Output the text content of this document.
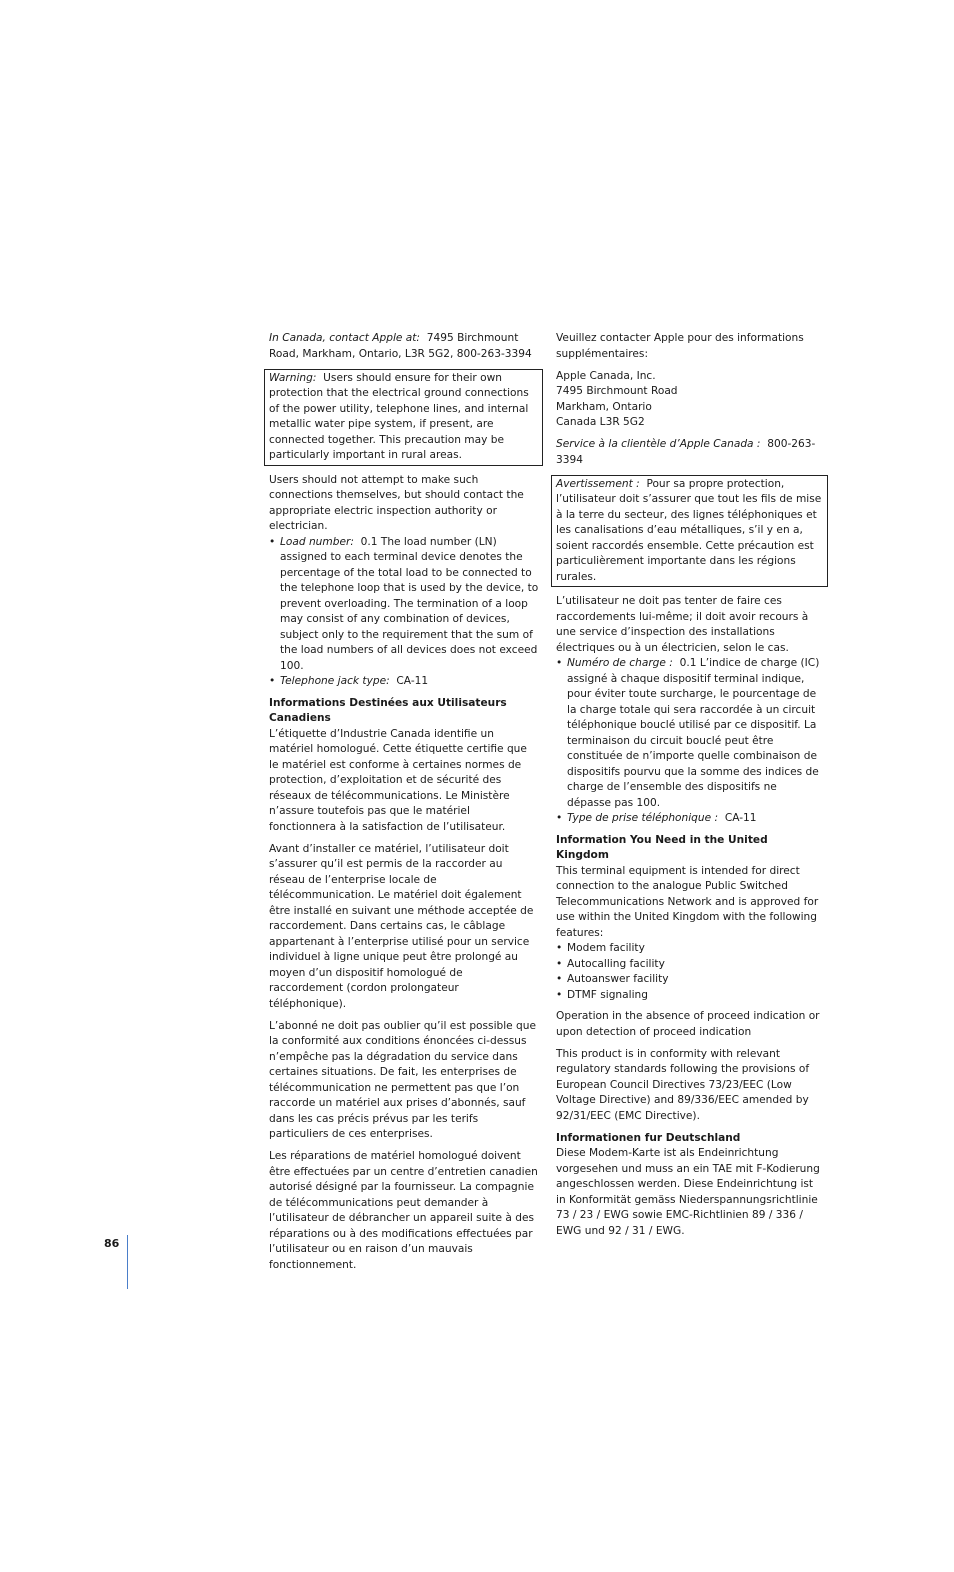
In Canada, contact Apple at: 7495 Birchmount Road, Markham, Ontario, L3R 5G2, 800-263-3394

Warning: Users should ensure for their own protection that the electrical ground connections of the power utility, telephone lines, and internal metallic water pipe system, if present, are connected together. This precaution may be particularly important in rural areas.

Users should not attempt to make such connections themselves, but should contact the appropriate electric inspection authority or electrician.

• Load number: 0.1 The load number (LN) assigned to each terminal device denotes the percentage of the total load to be connected to the telephone loop that is used by the device, to prevent overloading. The termination of a loop may consist of any combination of devices, subject only to the requirement that the sum of the load numbers of all devices does not exceed 100.
• Telephone jack type: CA-11
Informations Destinées aux Utilisateurs Canadiens

L’étiquette d’Industrie Canada identifie un matériel homologué. Cette étiquette certifie que le matériel est conforme à certaines normes de protection, d’exploitation et de sécurité des réseaux de télécommunications. Le Ministère n’assure toutefois pas que le matériel fonctionnera à la satisfaction de l’utilisateur.

Avant d’installer ce matériel, l’utilisateur doit s’assurer qu’il est permis de la raccorder au réseau de l’enterprise locale de télécommunication. Le matériel doit également être installé en suivant une méthode acceptée de raccordement. Dans certains cas, le câblage appartenant à l’enterprise utilisé pour un service individuel à ligne unique peut être prolongé au moyen d’un dispositif homologué de raccordement (cordon prolongateur téléphonique).

L’abonné ne doit pas oublier qu’il est possible que la conformité aux conditions énoncées ci-dessus n’empêche pas la dégradation du service dans certaines situations. De fait, les enterprises de télécommunication ne permettent pas que l’on raccorde un matériel aux prises d’abonnés, sauf dans les cas précis prévus par les terifs particuliers de ces enterprises.

Les réparations de matériel homologué doivent être effectuées par un centre d’entretien canadien autorisé désigné par la fournisseur. La compagnie de télécommunications peut demander à l’utilisateur de débrancher un appareil suite à des réparations ou à des modifications effectuées par l’utilisateur ou en raison d’un mauvais fonctionnement.

Veuillez contacter Apple pour des informations supplémentaires:

Apple Canada, Inc.
7495 Birchmount Road
Markham, Ontario
Canada L3R 5G2

Service à la clientèle d’Apple Canada : 800-263-3394

Avertissement : Pour sa propre protection, l’utilisateur doit s’assurer que tout les fils de mise à la terre du secteur, des lignes téléphoniques et les canalisations d’eau métalliques, s’il y en a, soient raccordés ensemble. Cette précaution est particulièrement importante dans les régions rurales.

L’utilisateur ne doit pas tenter de faire ces raccordements lui-même; il doit avoir recours à une service d’inspection des installations électriques ou à un électricien, selon le cas.

• Numéro de charge : 0.1 L’indice de charge (IC) assigné à chaque dispositif terminal indique, pour éviter toute surcharge, le pourcentage de la charge totale qui sera raccordée à un circuit téléphonique bouclé utilisé par ce dispositif. La terminaison du circuit bouclé peut être constituée de n’importe quelle combinaison de dispositifs pourvu que la somme des indices de charge de l’ensemble des dispositifs ne dépasse pas 100.
• Type de prise téléphonique : CA-11
Information You Need in the United Kingdom

This terminal equipment is intended for direct connection to the analogue Public Switched Telecommunications Network and is approved for use within the United Kingdom with the following features:

• Modem facility
• Autocalling facility
• Autoanswer facility
• DTMF signaling

Operation in the absence of proceed indication or upon detection of proceed indication

This product is in conformity with relevant regulatory standards following the provisions of European Council Directives 73/23/EEC (Low Voltage Directive) and 89/336/EEC amended by 92/31/EEC (EMC Directive).

Informationen fur Deutschland

Diese Modem-Karte ist als Endeinrichtung vorgesehen und muss an ein TAE mit F-Kodierung angeschlossen werden. Diese Endeinrichtung ist in Konformität gemäss Niederspannungsrichtlinie 73 / 23 / EWG sowie EMC-Richtlinien 89 / 336 / EWG und 92 / 31 / EWG.

86
